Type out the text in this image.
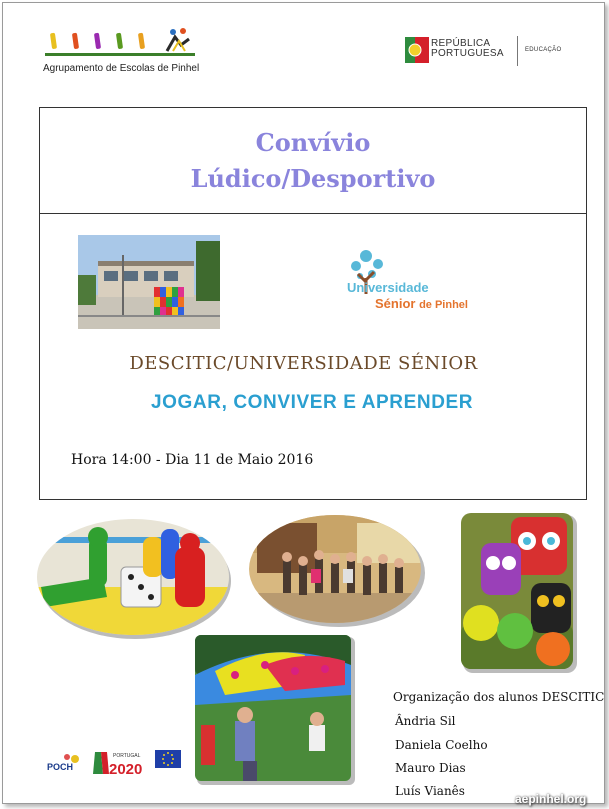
Agrupamento de Escolas de Pinhel
REPÚBLICA
PORTUGUESA	EDUCAÇÃO
Convívio
Lúdico/Desportivo
Universidade
Sénior de Pinhel
DESCITIC/UNIVERSIDADE SÉNIOR
JOGAR, CONVIVER E APRENDER
Hora 14:00 - Dia 11 de Maio 2016
Organização dos alunos DESCITIC
Ândria Sil
Daniela Coelho
Mauro Dias
Luís Vianês
POCH
PORTUGAL
2020
aepinhel.org
